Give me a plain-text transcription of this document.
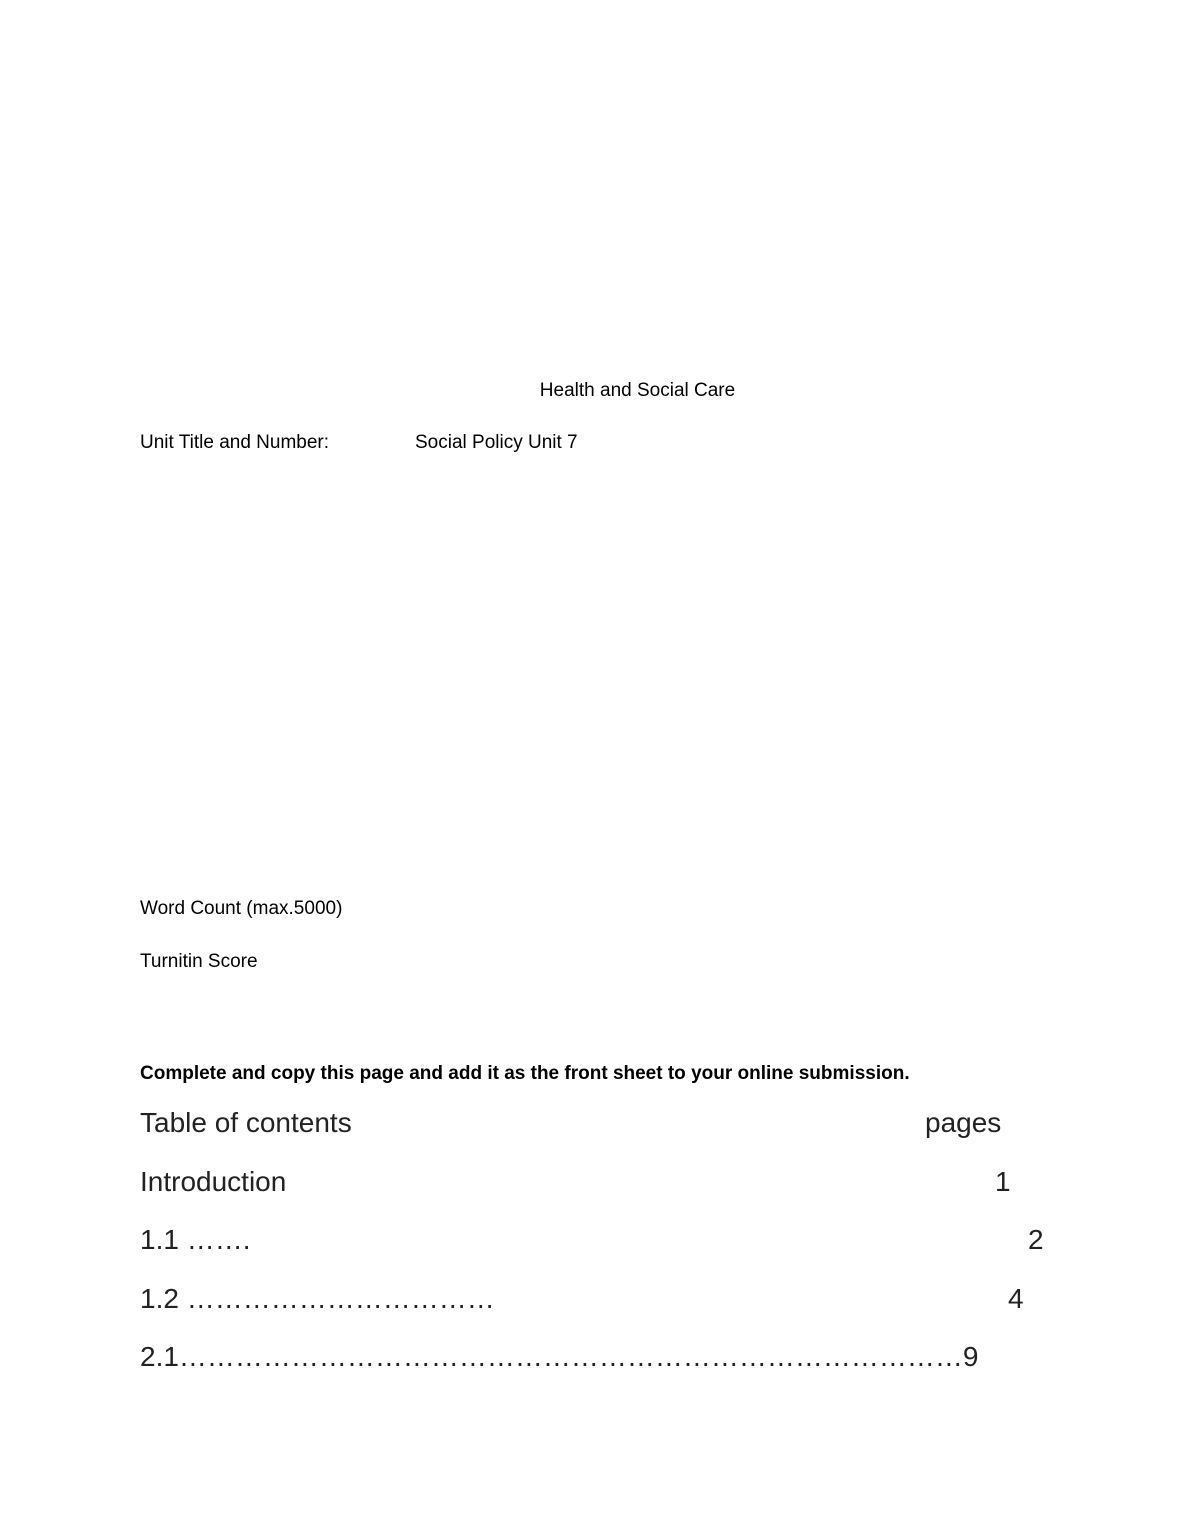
Health and Social Care
Unit Title and Number:	Social Policy Unit 7
Word Count (max.5000)
Turnitin Score
Complete and copy this page and add it as the front sheet to your online submission.
Table of contents	pages
Introduction	1
1.1 …….	2
1.2 ……………………………	4
2.1…………………………………………………………………………9
